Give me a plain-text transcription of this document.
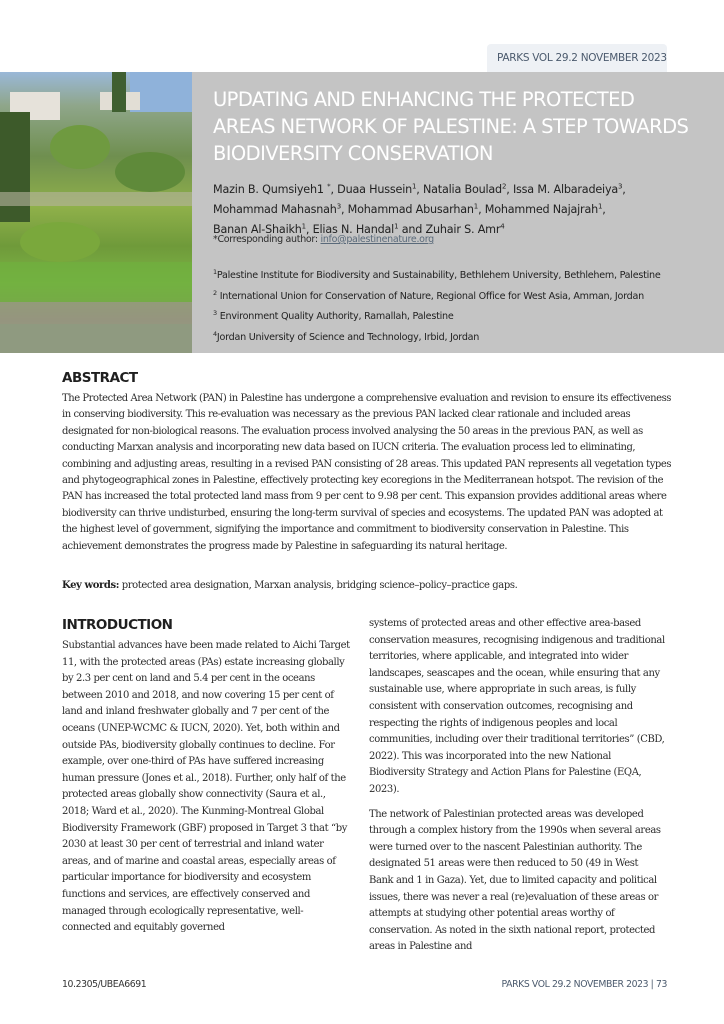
PARKS VOL 29.2 NOVEMBER 2023
UPDATING AND ENHANCING THE PROTECTED
AREAS NETWORK OF PALESTINE: A STEP TOWARDS
BIODIVERSITY CONSERVATION
Mazin B. Qumsiyeh1 *, Duaa Hussein$^1$, Natalia Boulad$^2$, Issa M. Albaradeiya$^3$,
Mohammad Mahasnah$^3$, Mohammad Abusarhan$^1$, Mohammed Najajrah$^1$,
Banan Al-Shaikh$^1$, Elias N. Handal$^1$ and Zuhair S. Amr$^4$
*Corresponding author: info@palestinenature.org
$^1$Palestine Institute for Biodiversity and Sustainability, Bethlehem University, Bethlehem, Palestine
$^2$ International Union for Conservation of Nature, Regional Office for West Asia, Amman, Jordan
$^3$ Environment Quality Authority, Ramallah, Palestine
$^4$Jordan University of Science and Technology, Irbid, Jordan
ABSTRACT
The Protected Area Network (PAN) in Palestine has undergone a comprehensive evaluation and revision to ensure its effectiveness in conserving biodiversity. This re-evaluation was necessary as the previous PAN lacked clear rationale and included areas designated for non-biological reasons. The evaluation process involved analysing the 50 areas in the previous PAN, as well as conducting Marxan analysis and incorporating new data based on IUCN criteria. The evaluation process led to eliminating, combining and adjusting areas, resulting in a revised PAN consisting of 28 areas. This updated PAN represents all vegetation types and phytogeographical zones in Palestine, effectively protecting key ecoregions in the Mediterranean hotspot. The revision of the PAN has increased the total protected land mass from 9 per cent to 9.98 per cent. This expansion provides additional areas where biodiversity can thrive undisturbed, ensuring the long-term survival of species and ecosystems. The updated PAN was adopted at the highest level of government, signifying the importance and commitment to biodiversity conservation in Palestine. This achievement demonstrates the progress made by Palestine in safeguarding its natural heritage.
Key words: protected area designation, Marxan analysis, bridging science–policy–practice gaps.
INTRODUCTION

Substantial advances have been made related to Aichi Target 11, with the protected areas (PAs) estate increasing globally by 2.3 per cent on land and 5.4 per cent in the oceans between 2010 and 2018, and now covering 15 per cent of land and inland freshwater globally and 7 per cent of the oceans (UNEP-WCMC & IUCN, 2020). Yet, both within and outside PAs, biodiversity globally continues to decline. For example, over one-third of PAs have suffered increasing human pressure (Jones et al., 2018). Further, only half of the protected areas globally show connectivity (Saura et al., 2018; Ward et al., 2020). The Kunming-Montreal Global Biodiversity Framework (GBF) proposed in Target 3 that “by 2030 at least 30 per cent of terrestrial and inland water areas, and of marine and coastal areas, especially areas of particular importance for biodiversity and ecosystem functions and services, are effectively conserved and managed through ecologically representative, well-connected and equitably governed

systems of protected areas and other effective area-based conservation measures, recognising indigenous and traditional territories, where applicable, and integrated into wider landscapes, seascapes and the ocean, while ensuring that any sustainable use, where appropriate in such areas, is fully consistent with conservation outcomes, recognising and respecting the rights of indigenous peoples and local communities, including over their traditional territories” (CBD, 2022). This was incorporated into the new National Biodiversity Strategy and Action Plans for Palestine (EQA, 2023).

The network of Palestinian protected areas was developed through a complex history from the 1990s when several areas were turned over to the nascent Palestinian authority. The designated 51 areas were then reduced to 50 (49 in West Bank and 1 in Gaza). Yet, due to limited capacity and political issues, there was never a real (re)evaluation of these areas or attempts at studying other potential areas worthy of conservation. As noted in the sixth national report, protected areas in Palestine and

10.2305/UBEA6691	PARKS VOL 29.2 NOVEMBER 2023 | 73
